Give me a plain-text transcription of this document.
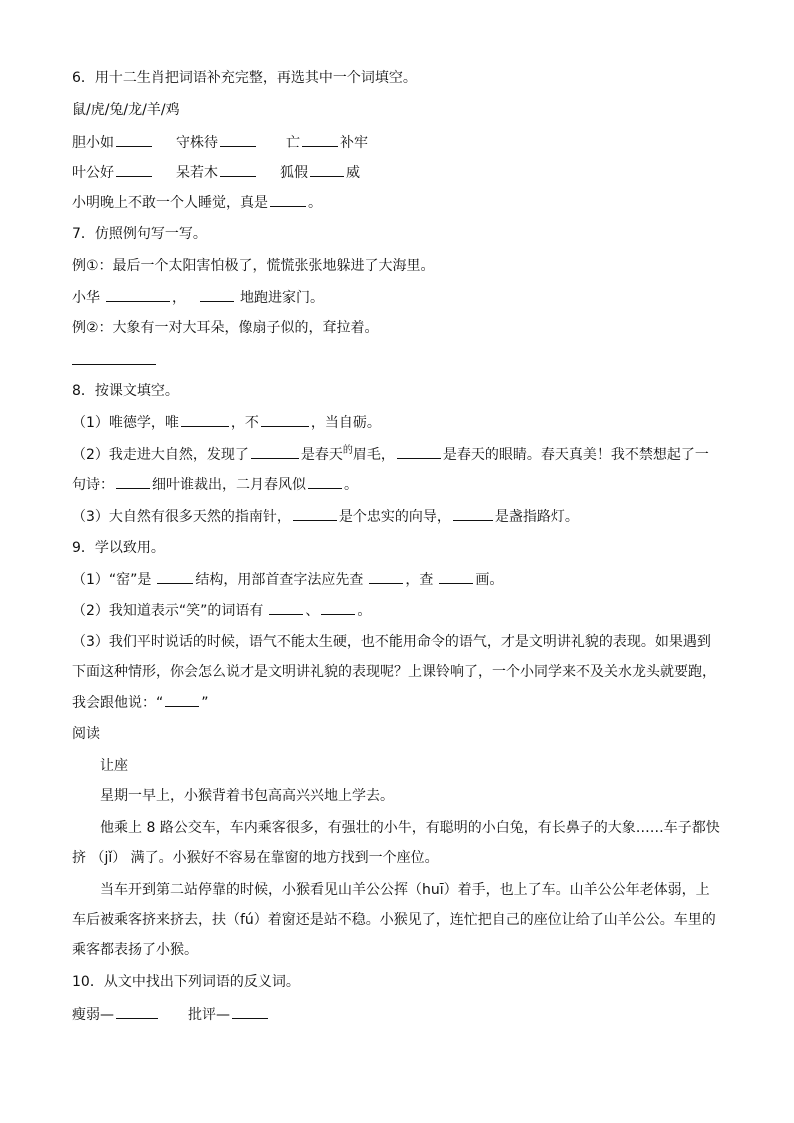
6．用十二生肖把词语补充完整，再选其中一个词填空。
鼠/虎/兔/龙/羊/鸡
胆小如	守株待	亡	补牢
叶公好	呆若木	狐假	威
小明晚上不敢一个人睡觉，真是	。
7．仿照例句写一写。
例①：最后一个太阳害怕极了，慌慌张张地躲进了大海里。
小华	，	地跑进家门。
例②：大象有一对大耳朵，像扇子似的，耷拉着。
8．按课文填空。
（1）唯德学，唯	，不	，当自砺。
（2）我走进大自然，发现了	是春天$^的$眉毛，	是春天的眼睛。春天真美！我不禁想起了一
句诗：	细叶谁裁出，二月春风似	。
（3）大自然有很多天然的指南针，	是个忠实的向导，	是盏指路灯。
9．学以致用。
（1）“窑”是	结构，用部首查字法应先查	，查	画。
（2）我知道表示“笑”的词语有	、	。
（3）我们平时说话的时候，语气不能太生硬，也不能用命令的语气，才是文明讲礼貌的表现。如果遇到
下面这种情形，你会怎么说才是文明讲礼貌的表现呢？上课铃响了，一个小同学来不及关水龙头就要跑，
我会跟他说：“	”
阅读
让座
星期一早上，小猴背着书包高高兴兴地上学去。
他乘上 8 路公交车，车内乘客很多，有强壮的小牛，有聪明的小白兔，有长鼻子的大象……车子都快
挤 （jǐ） 满了。小猴好不容易在靠窗的地方找到一个座位。
当车开到第二站停靠的时候，小猴看见山羊公公挥（huī）着手，也上了车。山羊公公年老体弱，上
车后被乘客挤来挤去，扶（fú）着窗还是站不稳。小猴见了，连忙把自己的座位让给了山羊公公。车里的
乘客都表扬了小猴。
10．从文中找出下列词语的反义词。
瘦弱—	批评—
